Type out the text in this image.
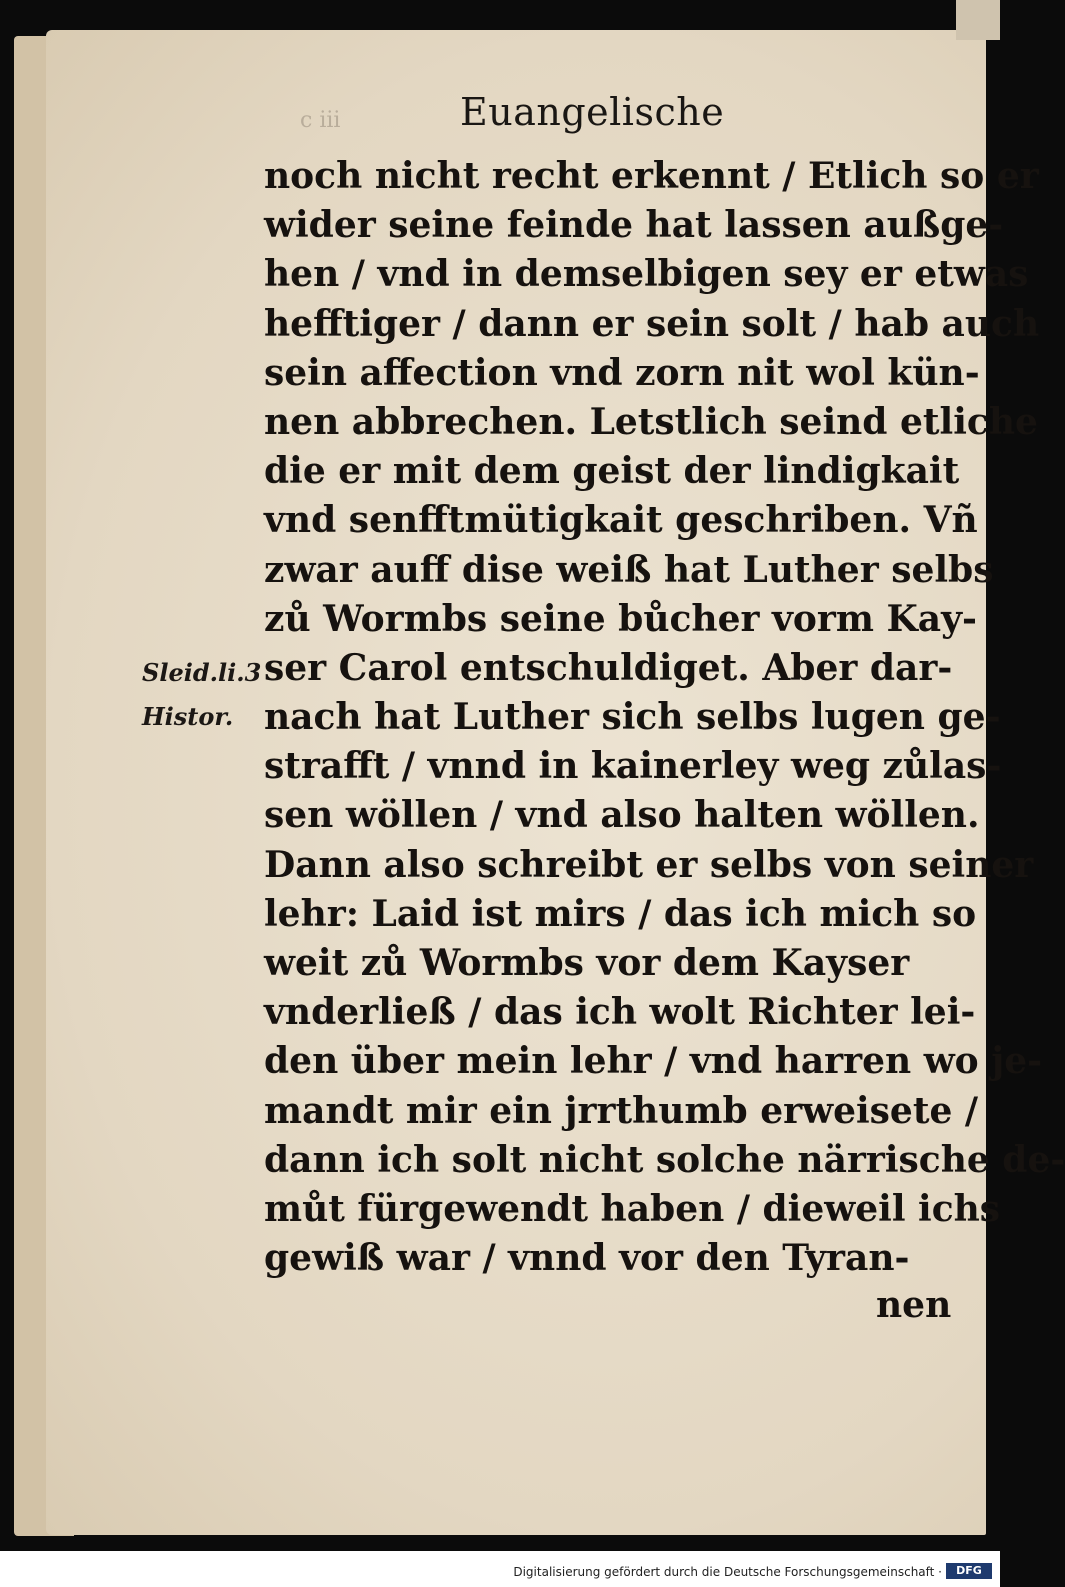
c iii	Euangelische
noch nicht recht erkennt / Etlich so er
wider seine feinde hat lassen außge-
hen / vnd in demselbigen sey er etwas
hefftiger / dann er sein solt / hab auch
sein affection vnd zorn nit wol kün-
nen abbrechen. Letstlich seind etliche
die er mit dem geist der lindigkait
vnd senfftmütigkait geschriben. Vñ
zwar auff dise weiß hat Luther selbs
zů Wormbs seine bůcher vorm Kay-
ser Carol entschuldiget. Aber dar-
nach hat Luther sich selbs lugen ge-
strafft / vnnd in kainerley weg zůlas-
sen wöllen / vnd also halten wöllen.
Dann also schreibt er selbs von seiner
lehr: Laid ist mirs / das ich mich so
weit zů Wormbs vor dem Kayser
vnderließ / das ich wolt Richter lei-
den über mein lehr / vnd harren wo je-
mandt mir ein jrrthumb erweisete /
dann ich solt nicht solche närrische de-
můt fürgewendt haben / dieweil ichs
gewiß war / vnnd vor den Tyran-
nen
Sleid.li.3
Histor.
Digitalisierung gefördert durch die Deutsche Forschungsgemeinschaft ·	DFG
